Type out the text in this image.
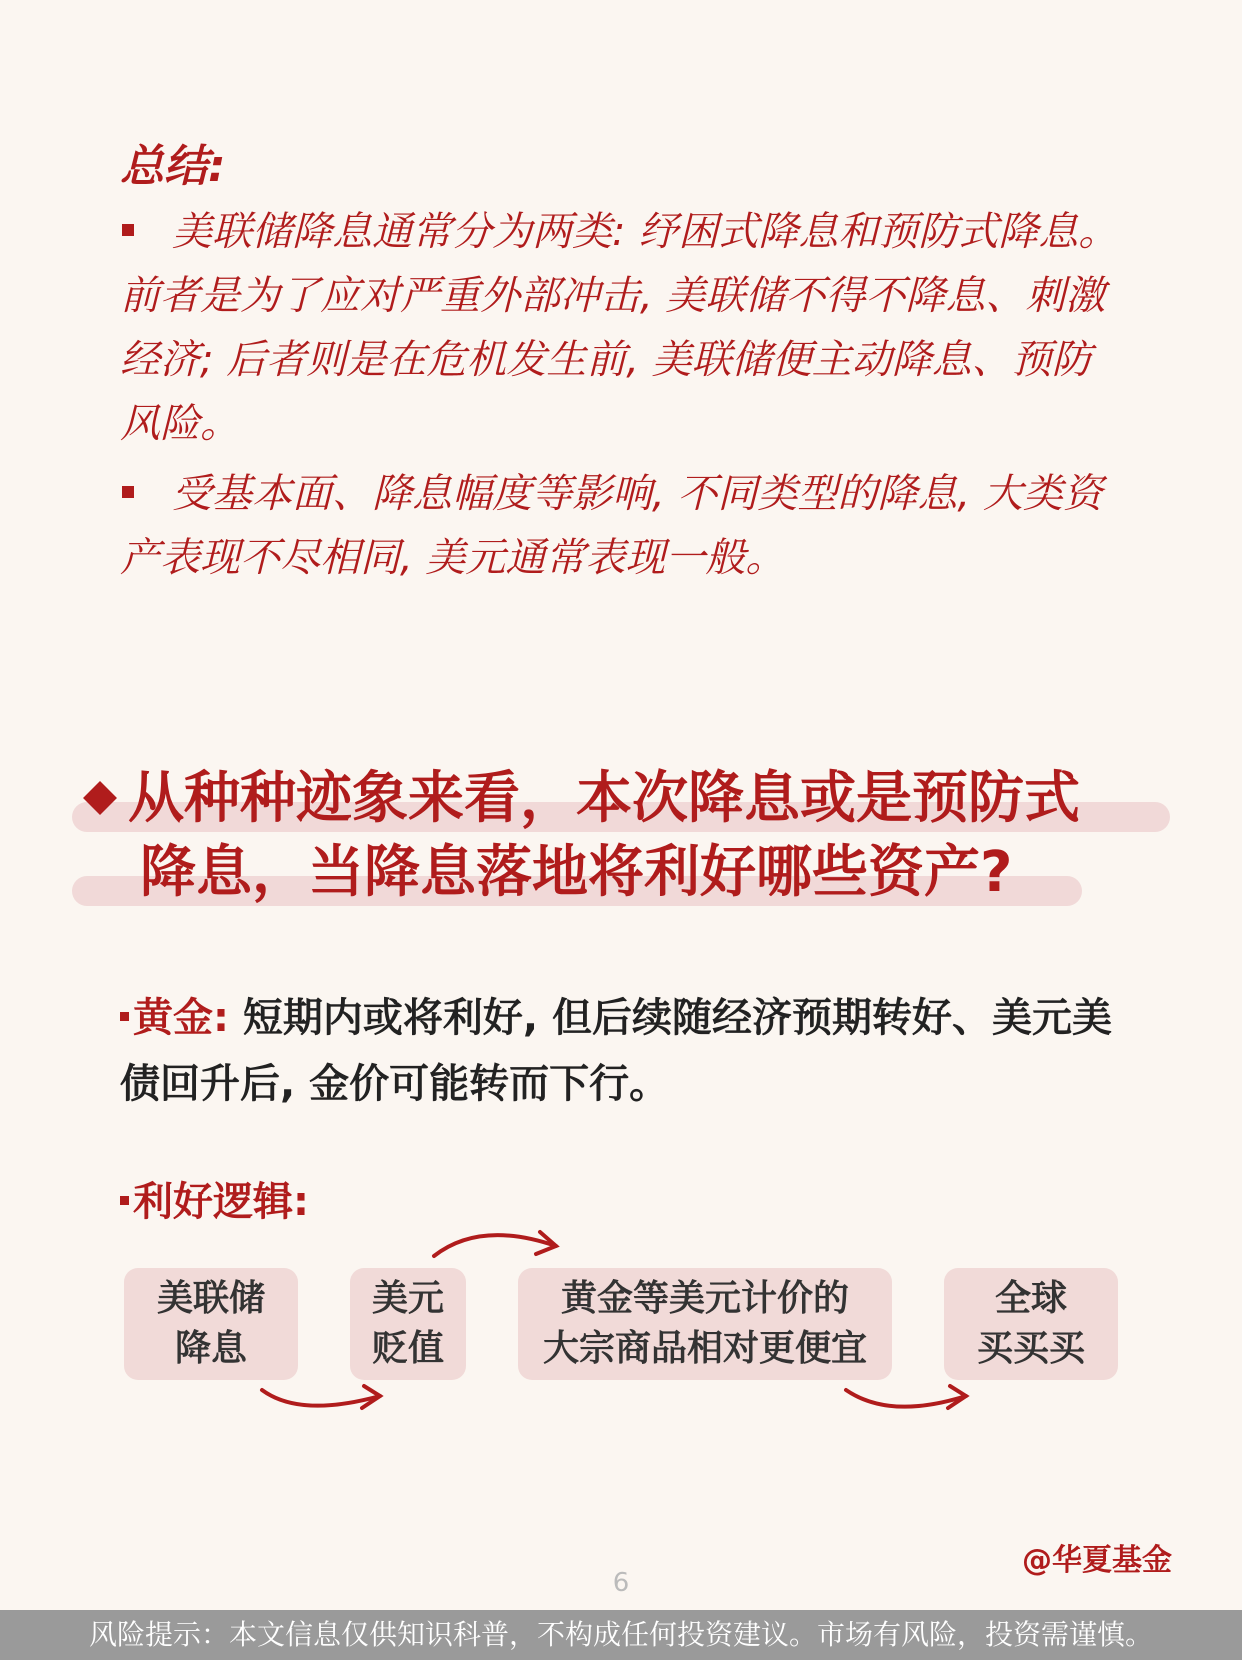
总结:
美联储降息通常分为两类: 纾困式降息和预防式降息。前者是为了应对严重外部冲击, 美联储不得不降息、刺激经济; 后者则是在危机发生前, 美联储便主动降息、预防风险。
受基本面、降息幅度等影响, 不同类型的降息, 大类资产表现不尽相同, 美元通常表现一般。
从种种迹象来看，本次降息或是预防式
降息，当降息落地将利好哪些资产?
黄金: 短期内或将利好, 但后续随经济预期转好、美元美债回升后, 金价可能转而下行。
利好逻辑:
美联储
降息
美元
贬值
黄金等美元计价的
大宗商品相对更便宜
全球
买买买
@华夏基金
6
风险提示：本文信息仅供知识科普，不构成任何投资建议。市场有风险，投资需谨慎。
